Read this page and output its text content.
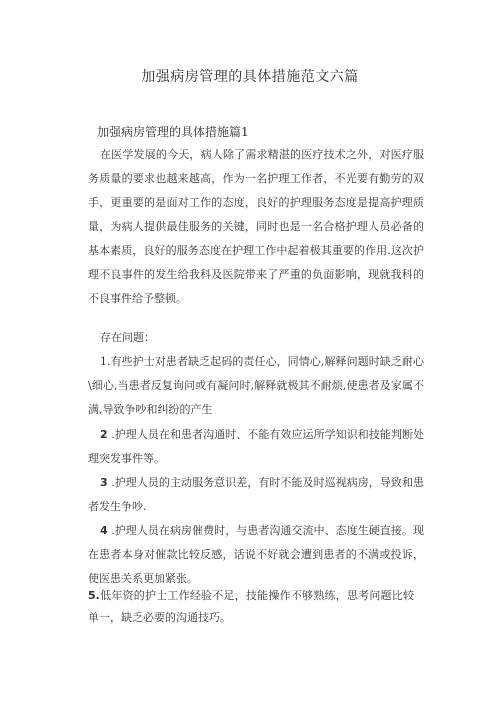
加强病房管理的具体措施范文六篇
加强病房管理的具体措施篇1

在医学发展的今天，病人除了需求精湛的医疗技术之外，对医疗服务质量的要求也越来越高，作为一名护理工作者，不光要有勤劳的双手，更重要的是面对工作的态度，良好的护理服务态度是提高护理质量，为病人提供最佳服务的关键，同时也是一名合格护理人员必备的基本素质，良好的服务态度在护理工作中起着极其重要的作用.这次护理不良事件的发生给我科及医院带来了严重的负面影响，现就我科的不良事件给予整顿。

存在问题：

1.有些护士对患者缺乏起码的责任心，同情心,解释问题时缺乏耐心\细心,当患者反复询问或有凝问时,解释就极其不耐烦,使患者及家属不满,导致争吵和纠纷的产生

2 .护理人员在和患者沟通时、不能有效应运所学知识和技能判断处理突发事件等。

3 .护理人员的主动服务意识差，有时不能及时巡视病房，导致和患者发生争吵.

4 .护理人员在病房催费时，与患者沟通交流中、态度生硬直接。现在患者本身对催款比较反感，话说不好就会遭到患者的不满或投诉，使医患关系更加紧张。

5.低年资的护士工作经验不足，技能操作不够熟练，思考问题比较单一，缺乏必要的沟通技巧。
